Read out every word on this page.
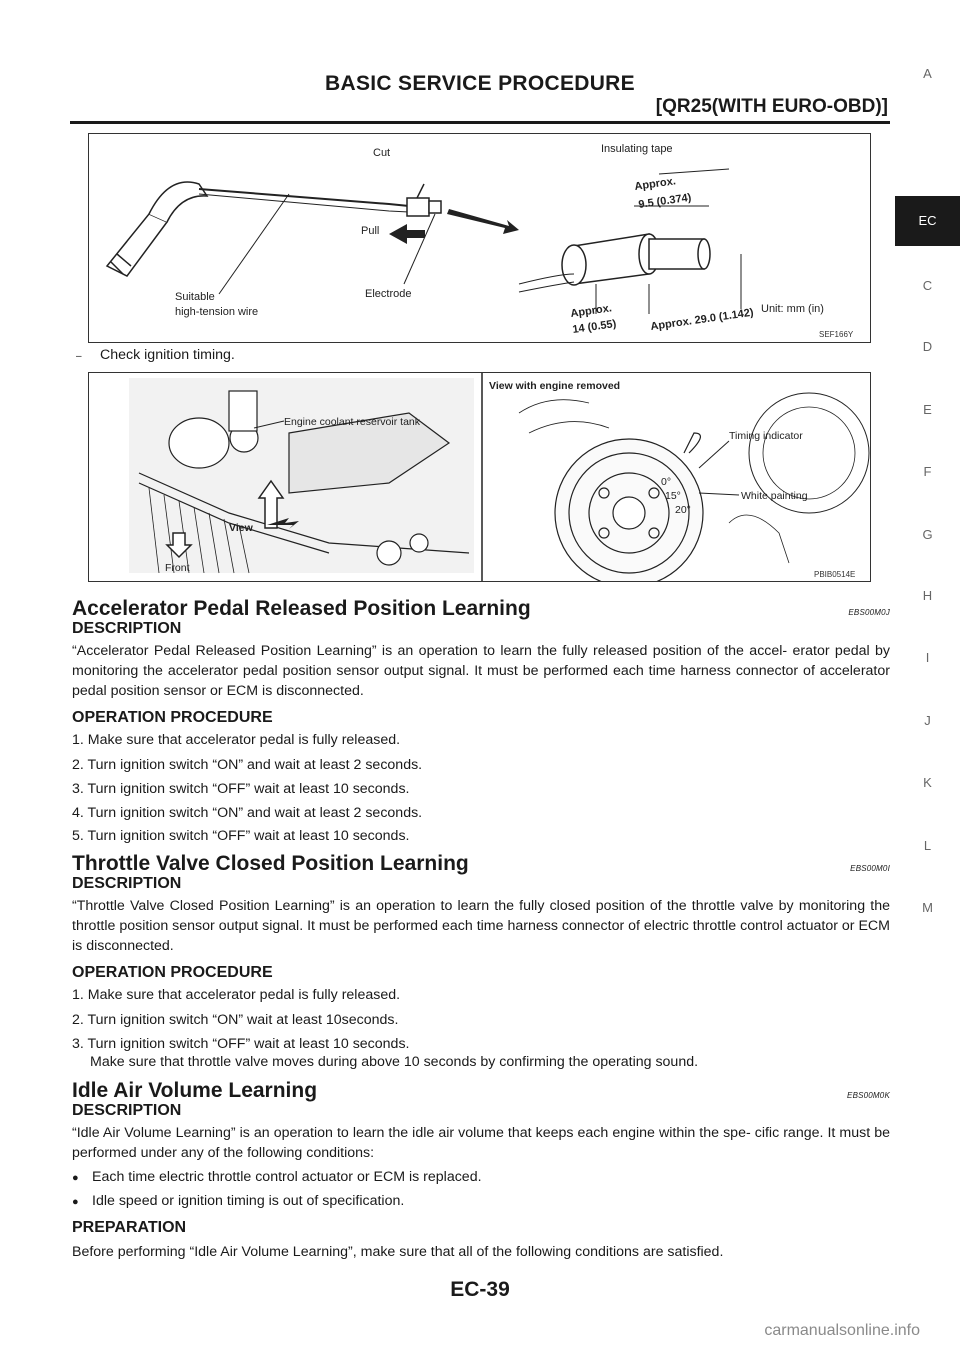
BASIC SERVICE PROCEDURE
[QR25(WITH EURO-OBD)]
A
EC
C
D
E
F
G
H
I
J
K
L
M
Cut	Insulating tape
Approx.
9.5 (0.374)
Pull
Suitable
high-tension wire
Electrode
Approx.
14 (0.55)	Approx. 29.0 (1.142) Unit: mm (in)
SEF166Y
– Check ignition timing.
Engine coolant reservoir tank
View
Front
View with engine removed
Timing indicator
0°
15°
20°
White painting
PBIB0514E
Accelerator Pedal Released Position Learning	EBS00M0J
DESCRIPTION
“Accelerator Pedal Released Position Learning” is an operation to learn the fully released position of the accel- erator pedal by monitoring the accelerator pedal position sensor output signal. It must be performed each time harness connector of accelerator pedal position sensor or ECM is disconnected.
OPERATION PROCEDURE
1. Make sure that accelerator pedal is fully released.
2. Turn ignition switch “ON” and wait at least 2 seconds.
3. Turn ignition switch “OFF” wait at least 10 seconds.
4. Turn ignition switch “ON” and wait at least 2 seconds.
5. Turn ignition switch “OFF” wait at least 10 seconds.
Throttle Valve Closed Position Learning	EBS00M0I
DESCRIPTION
“Throttle Valve Closed Position Learning” is an operation to learn the fully closed position of the throttle valve by monitoring the throttle position sensor output signal. It must be performed each time harness connector of electric throttle control actuator or ECM is disconnected.
OPERATION PROCEDURE
1. Make sure that accelerator pedal is fully released.
2. Turn ignition switch “ON” wait at least 10seconds.
3. Turn ignition switch “OFF” wait at least 10 seconds.
Make sure that throttle valve moves during above 10 seconds by confirming the operating sound.
Idle Air Volume Learning	EBS00M0K
DESCRIPTION
“Idle Air Volume Learning” is an operation to learn the idle air volume that keeps each engine within the spe- cific range. It must be performed under any of the following conditions:
● Each time electric throttle control actuator or ECM is replaced.
● Idle speed or ignition timing is out of specification.
PREPARATION
Before performing “Idle Air Volume Learning”, make sure that all of the following conditions are satisfied.
EC-39
carmanualsonline.info
